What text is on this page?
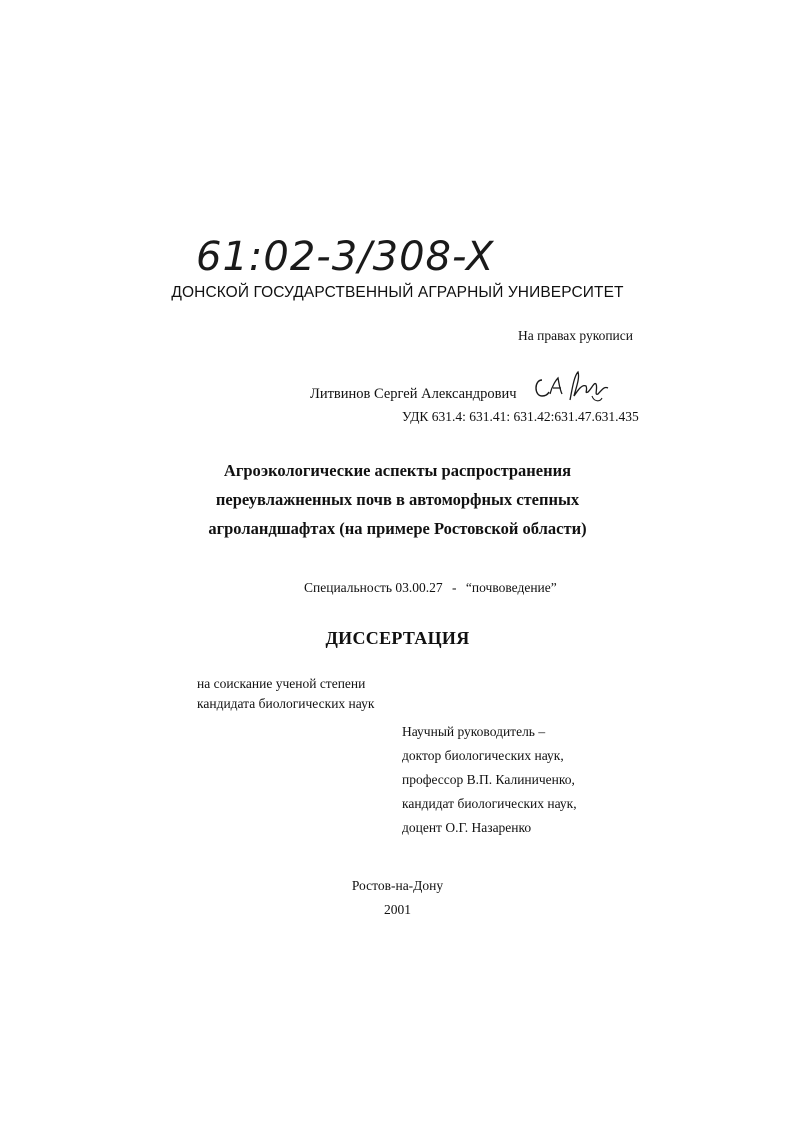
61:02-3/308-X
ДОНСКОЙ ГОСУДАРСТВЕННЫЙ АГРАРНЫЙ УНИВЕРСИТЕТ
На правах рукописи
Литвинов Сергей Александрович
УДК 631.4: 631.41: 631.42:631.47.631.435
Агроэкологические аспекты распространения
переувлажненных почв в автоморфных степных
агроландшафтах (на примере Ростовской области)
Специальность 03.00.27 - “почвоведение”
ДИССЕРТАЦИЯ
на соискание ученой степени
кандидата биологических наук
Научный руководитель –
доктор биологических наук,
профессор В.П. Калиниченко,
кандидат биологических наук,
доцент О.Г. Назаренко
Ростов-на-Дону
2001
